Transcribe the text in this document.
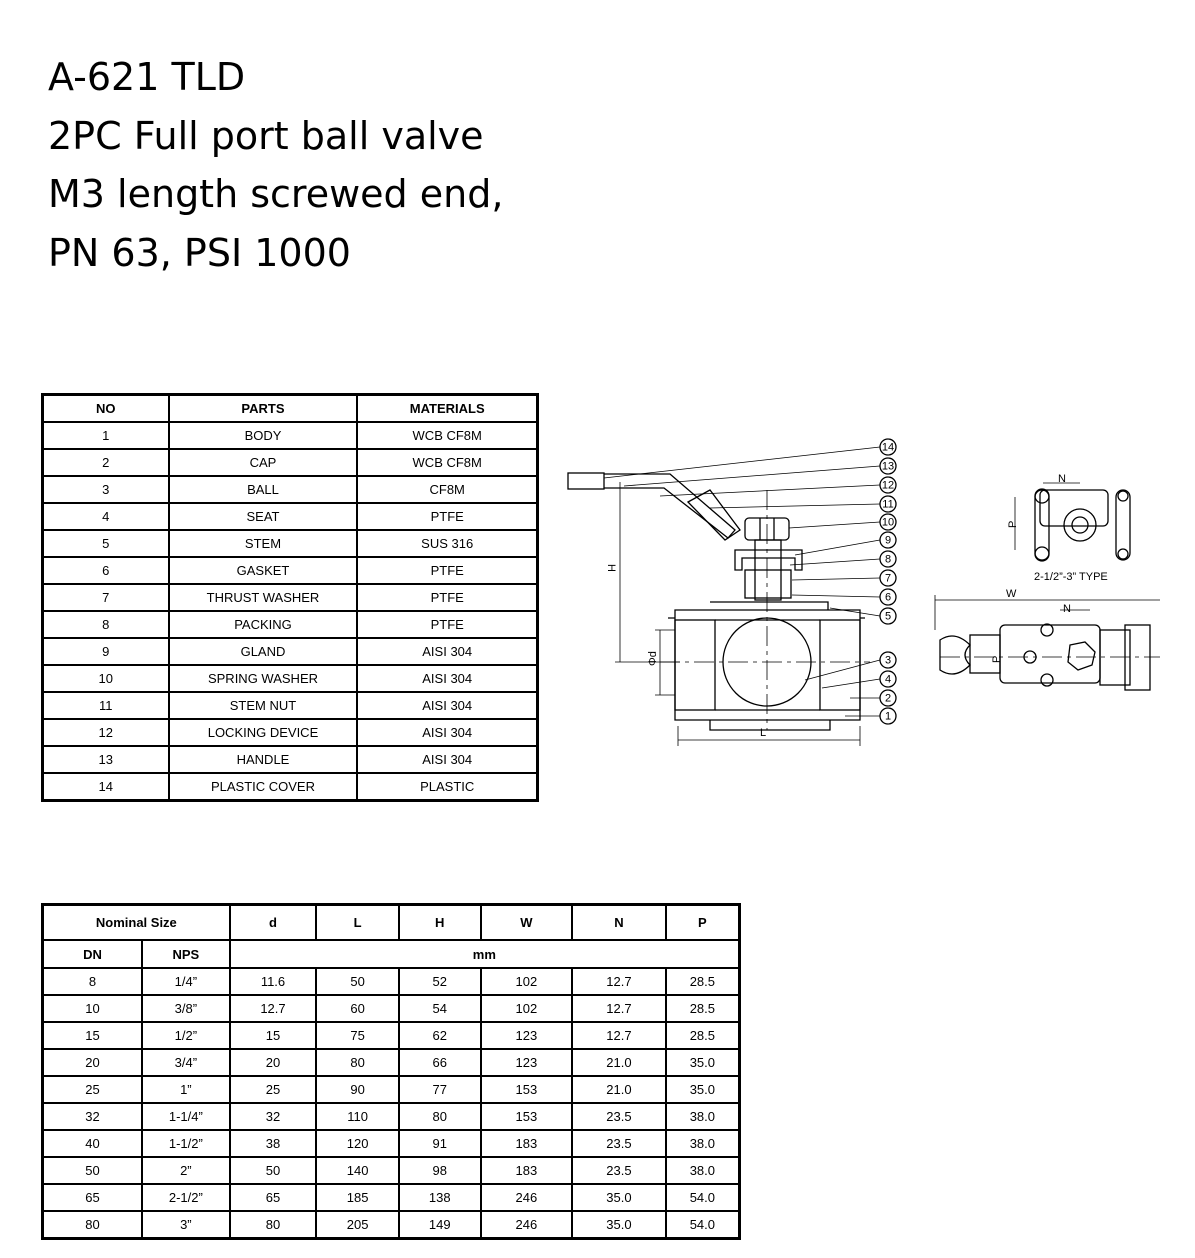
A-621 TLD
2PC Full port ball valve
M3 length screwed end,
PN 63, PSI 1000
NO	PARTS	MATERIALS
1	BODY	WCB CF8M
2	CAP	WCB CF8M
3	BALL	CF8M
4	SEAT	PTFE
5	STEM	SUS 316
6	GASKET	PTFE
7	THRUST WASHER	PTFE
8	PACKING	PTFE
9	GLAND	AISI 304
10	SPRING WASHER	AISI 304
11	STEM NUT	AISI 304
12	LOCKING DEVICE	AISI 304
13	HANDLE	AISI 304
14	PLASTIC COVER	PLASTIC
H
Φd
L
W
N
P
N
P
2-1/2”-3” TYPE
14
13
12
11
10
9
8
7
6
5
3
4
2
1
Nominal Size		d	L	H	W	N	P
DN	NPS	mm					
8	1/4”	11.6	50	52	102	12.7	28.5
10	3/8”	12.7	60	54	102	12.7	28.5
15	1/2”	15	75	62	123	12.7	28.5
20	3/4”	20	80	66	123	21.0	35.0
25	1”	25	90	77	153	21.0	35.0
32	1-1/4”	32	110	80	153	23.5	38.0
40	1-1/2”	38	120	91	183	23.5	38.0
50	2”	50	140	98	183	23.5	38.0
65	2-1/2”	65	185	138	246	35.0	54.0
80	3”	80	205	149	246	35.0	54.0
